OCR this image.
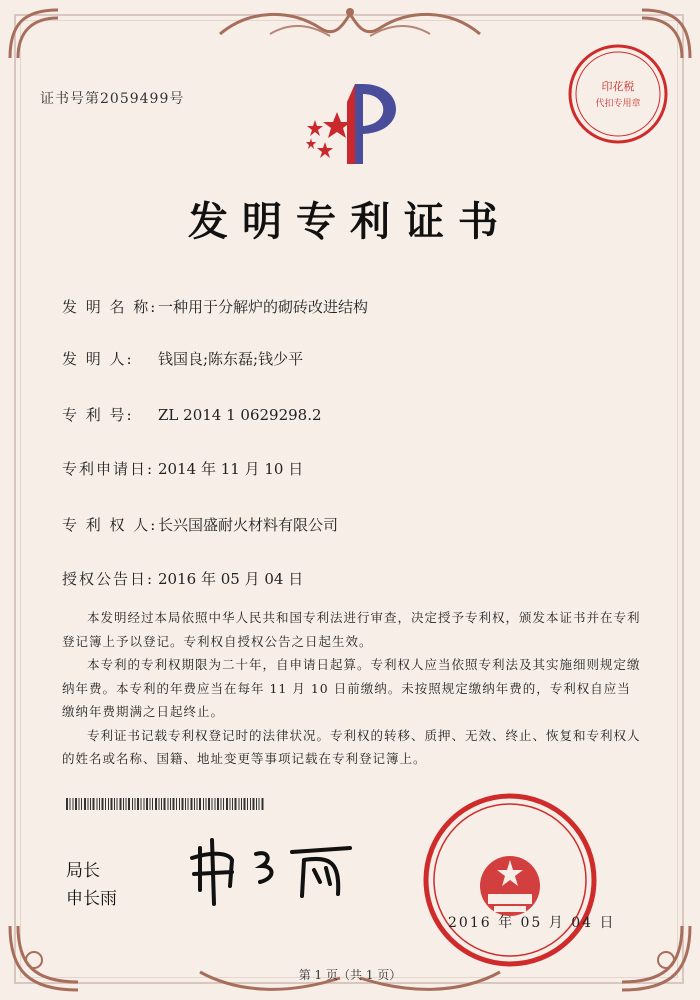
证书号第2059499号
印花税
代扣专用章
发明专利证书
发 明 名 称:一种用于分解炉的砌砖改进结构
发 明 人: 钱国良;陈东磊;钱少平
专 利 号: ZL 2014 1 0629298.2
专利申请日: 2014 年 11 月 10 日
专 利 权 人:长兴国盛耐火材料有限公司
授权公告日: 2016 年 05 月 04 日

本发明经过本局依照中华人民共和国专利法进行审查，决定授予专利权，颁发本证书并在专利登记簿上予以登记。专利权自授权公告之日起生效。

本专利的专利权期限为二十年，自申请日起算。专利权人应当依照专利法及其实施细则规定缴纳年费。本专利的年费应当在每年 11 月 10 日前缴纳。未按照规定缴纳年费的，专利权自应当缴纳年费期满之日起终止。

专利证书记载专利权登记时的法律状况。专利权的转移、质押、无效、终止、恢复和专利权人的姓名或名称、国籍、地址变更等事项记载在专利登记簿上。

局长
申长雨
2016 年 05 月 04 日
第 1 页（共 1 页）
